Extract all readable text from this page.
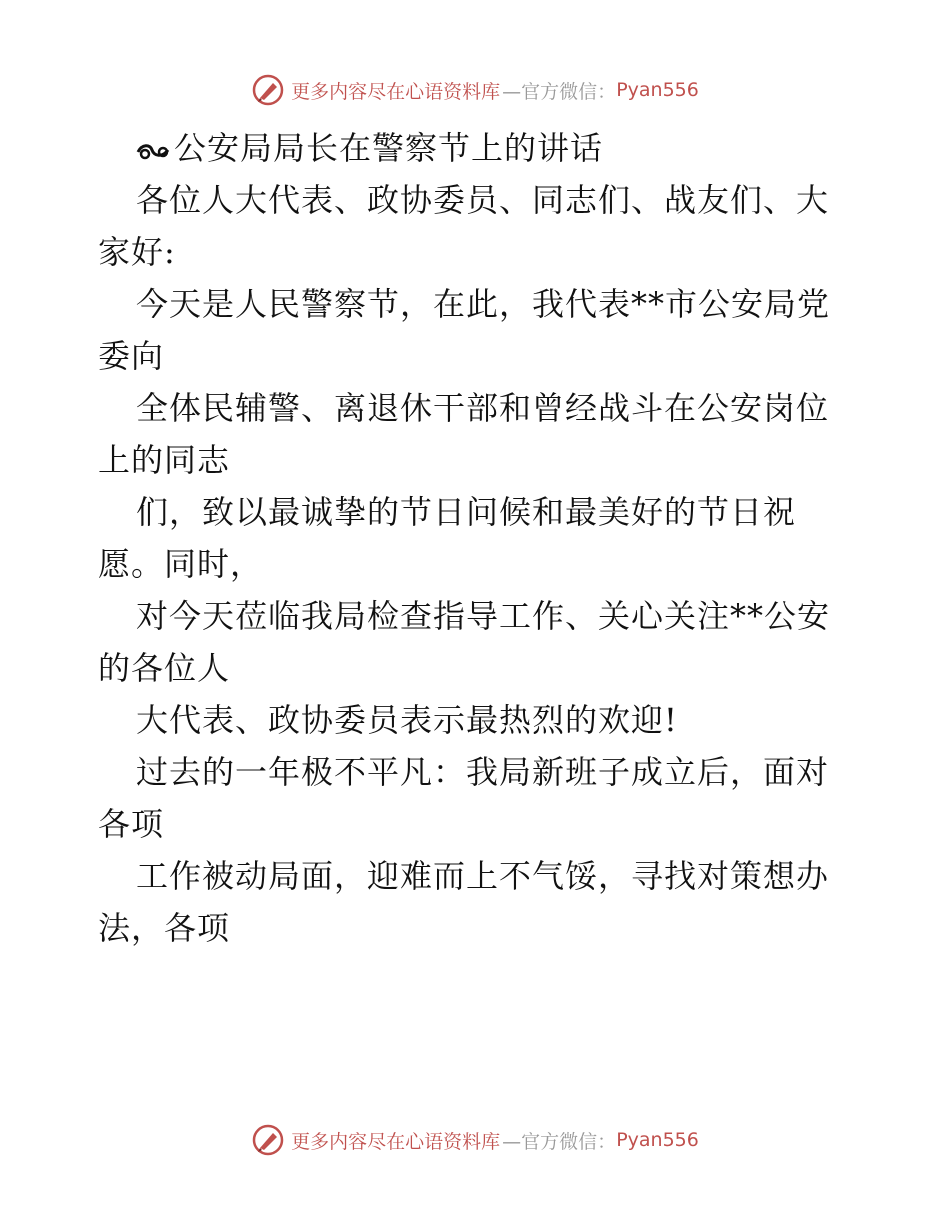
更多内容尽在心语资料库 —官方微信： Pyan556
公安局局长在警察节上的讲话
各位人大代表、政协委员、同志们、战友们、大
家好:
今天是人民警察节，在此，我代表**市公安局党
委向
全体民辅警、离退休干部和曾经战斗在公安岗位
上的同志
们，致以最诚挚的节日问候和最美好的节日祝
愿。同时，
对今天莅临我局检查指导工作、关心关注**公安
的各位人
大代表、政协委员表示最热烈的欢迎!
过去的一年极不平凡：我局新班子成立后，面对
各项
工作被动局面，迎难而上不气馁，寻找对策想办
法，各项
更多内容尽在心语资料库 —官方微信： Pyan556
